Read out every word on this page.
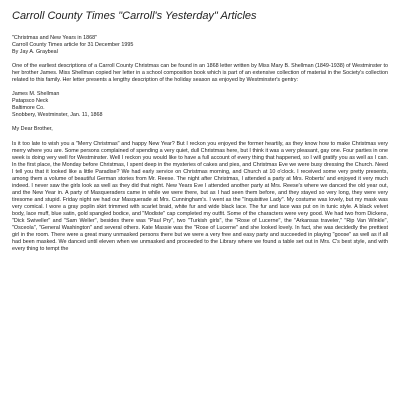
Carroll County Times "Carroll's Yesterday" Articles
"Christmas and New Years in 1868"
Carroll County Times article for 31 December 1995
By Jay A. Graybeal

One of the earliest descriptions of a Carroll County Christmas can be found in an 1868 letter written by Miss Mary B. Shellman (1849-1938) of Westminster to her brother James. Miss Shellman copied her letter in a school composition book which is part of an extensive collection of material in the Society's collection related to this family. Her letter presents a lengthy description of the holiday season as enjoyed by Westminster's gentry:

James M. Shellman
Patapsco Neck
Baltimore Co.
Snobbery, Westminster, Jan. 11, 1868

My Dear Brother,

Is it too late to wish you a "Merry Christmas" and happy New Year? But I reckon you enjoyed the former heartily, as they know how to make Christmas very merry where you are. Some persons complained of spending a very quiet, dull Christmas here, but I think it was a very pleasant, gay one. Four parties in one week is doing very well for Westminster. Well I reckon you would like to have a full account of every thing that happened, so I will gratify you as well as I can. In the first place, the Monday before Christmas, I spent deep in the mysteries of cakes and pies, and Christmas Eve we were busy dressing the Church. Need I tell you that it looked like a little Paradise? We had early service on Christmas morning, and Church at 10 o'clock. I received some very pretty presents, among them a volume of beautiful German stories from Mr. Reese. The night after Christmas, I attended a party at Mrs. Roberts' and enjoyed it very much indeed. I never saw the girls look as well as they did that night. New Years Eve I attended another party at Mrs. Reese's where we danced the old year out, and the New Year in. A party of Masqueraders came in while we were there, but as I had seen them before, and they stayed so very long, they were very tiresome and stupid. Friday night we had our Masquerade at Mrs. Cunningham's. I went as the "Inquisitive Lady". My costume was lovely, but my mask was very comical. I wore a gray poplin skirt trimmed with scarlet braid, white fur and wide black lace. The fur and lace was put on in tunic style. A black velvet body, lace muff, blue satin, gold spangled bodice, and "Modiste" cap completed my outfit. Some of the characters were very good. We had two from Dickens, "Dick Swiveller" and "Sam Weller", besides there was "Paul Pry", two "Turkish girls", the "Rose of Lucerne", the "Arkansas traveler," "Rip Van Winkle", "Osceola", "General Washington" and several others. Kate Massie was the "Rose of Lucerne" and she looked lovely. In fact, she was decidedly the prettiest girl in the room. There were a great many unmasked persons there but we were a very free and easy party and succeeded in playing "goose" as well as if all had been masked. We danced until eleven when we unmasked and proceeded to the Library where we found a table set out in Mrs. C's best style, and with every thing to tempt the
